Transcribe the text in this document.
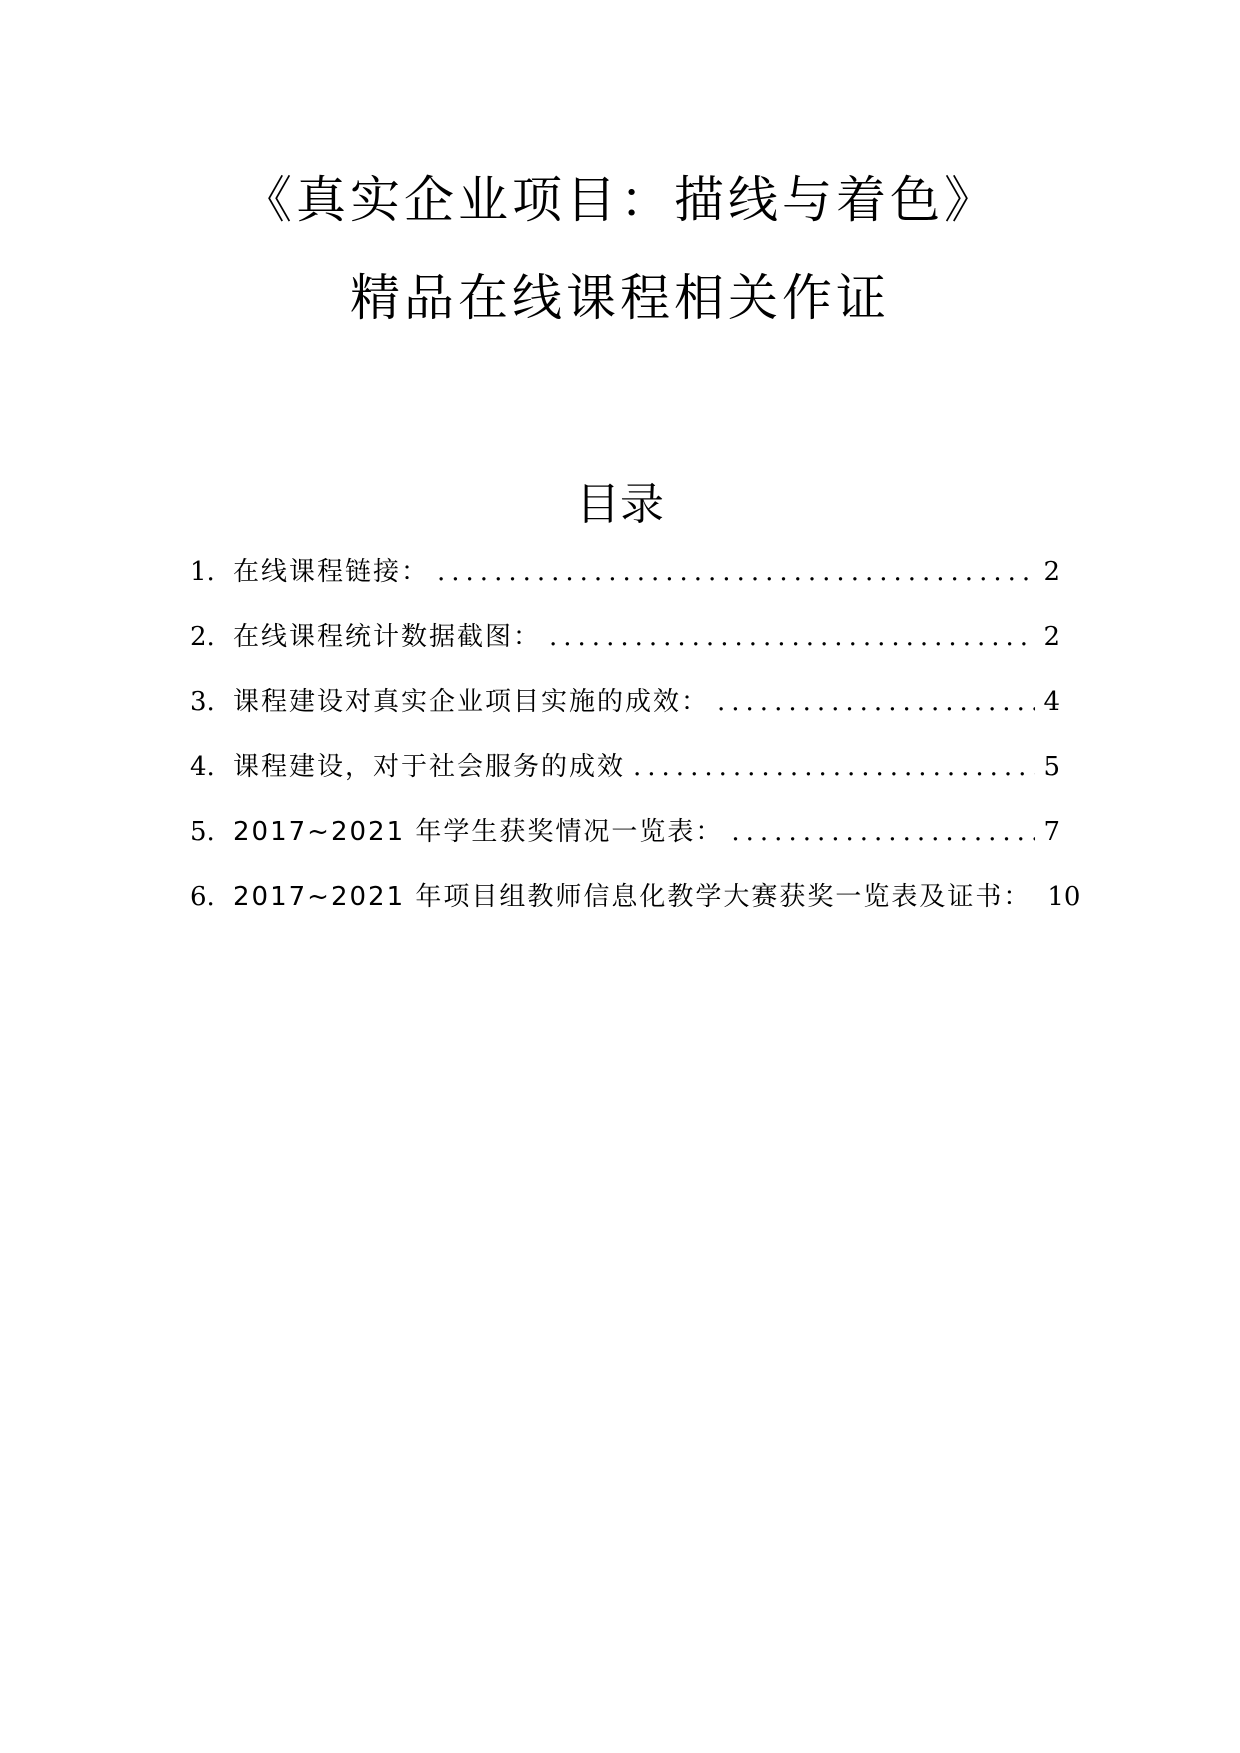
《真实企业项目：描线与着色》
精品在线课程相关作证
目录
1. 在线课程链接： .....	2
2. 在线课程统计数据截图： .....	2
3. 课程建设对真实企业项目实施的成效： .....	4
4. 课程建设，对于社会服务的成效 .....	5
5. 2017~2021 年学生获奖情况一览表： .....	7
6. 2017~2021 年项目组教师信息化教学大赛获奖一览表及证书： 10
